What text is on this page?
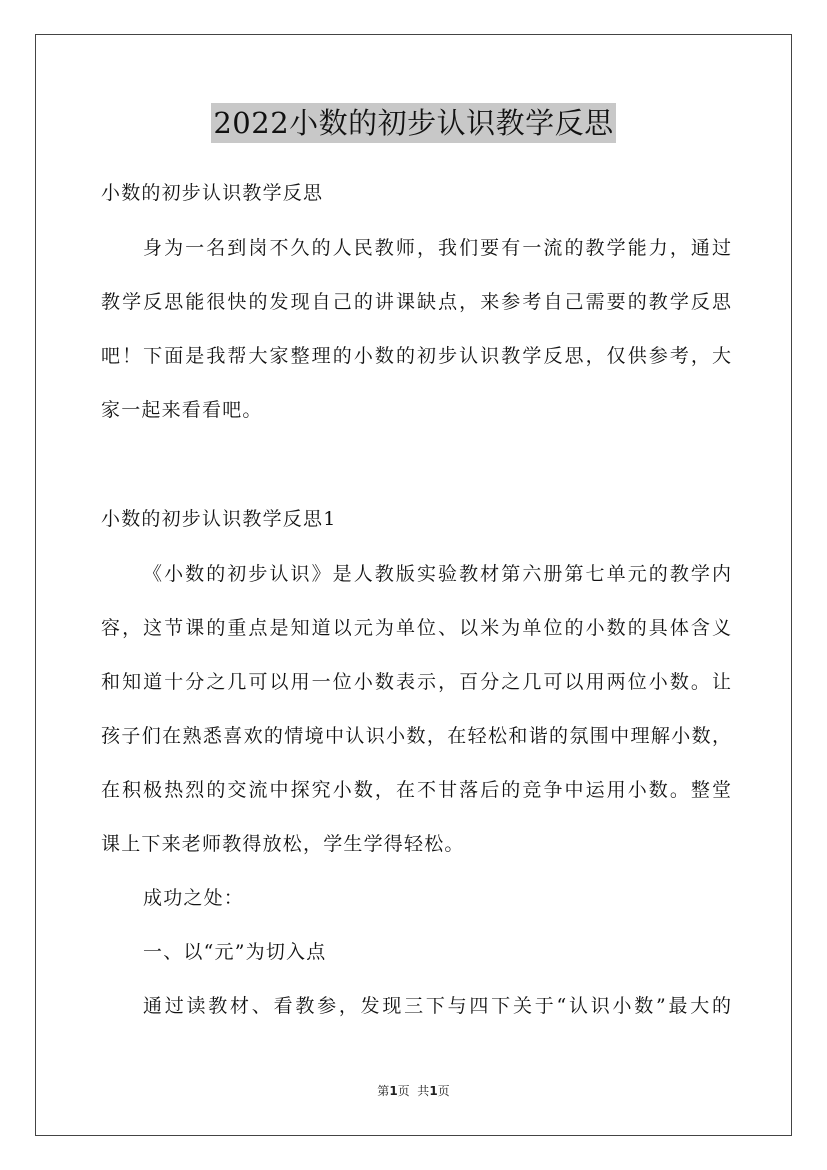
2022小数的初步认识教学反思
小数的初步认识教学反思
身为一名到岗不久的人民教师，我们要有一流的教学能力，通过
教学反思能很快的发现自己的讲课缺点，来参考自己需要的教学反思
吧！下面是我帮大家整理的小数的初步认识教学反思，仅供参考，大
家一起来看看吧。
小数的初步认识教学反思1
《小数的初步认识》是人教版实验教材第六册第七单元的教学内
容，这节课的重点是知道以元为单位、以米为单位的小数的具体含义
和知道十分之几可以用一位小数表示，百分之几可以用两位小数。让
孩子们在熟悉喜欢的情境中认识小数，在轻松和谐的氛围中理解小数，
在积极热烈的交流中探究小数，在不甘落后的竞争中运用小数。整堂
课上下来老师教得放松，学生学得轻松。
成功之处：
一、以“元”为切入点
通过读教材、看教参，发现三下与四下关于“认识小数”最大的
第1页  共1页
